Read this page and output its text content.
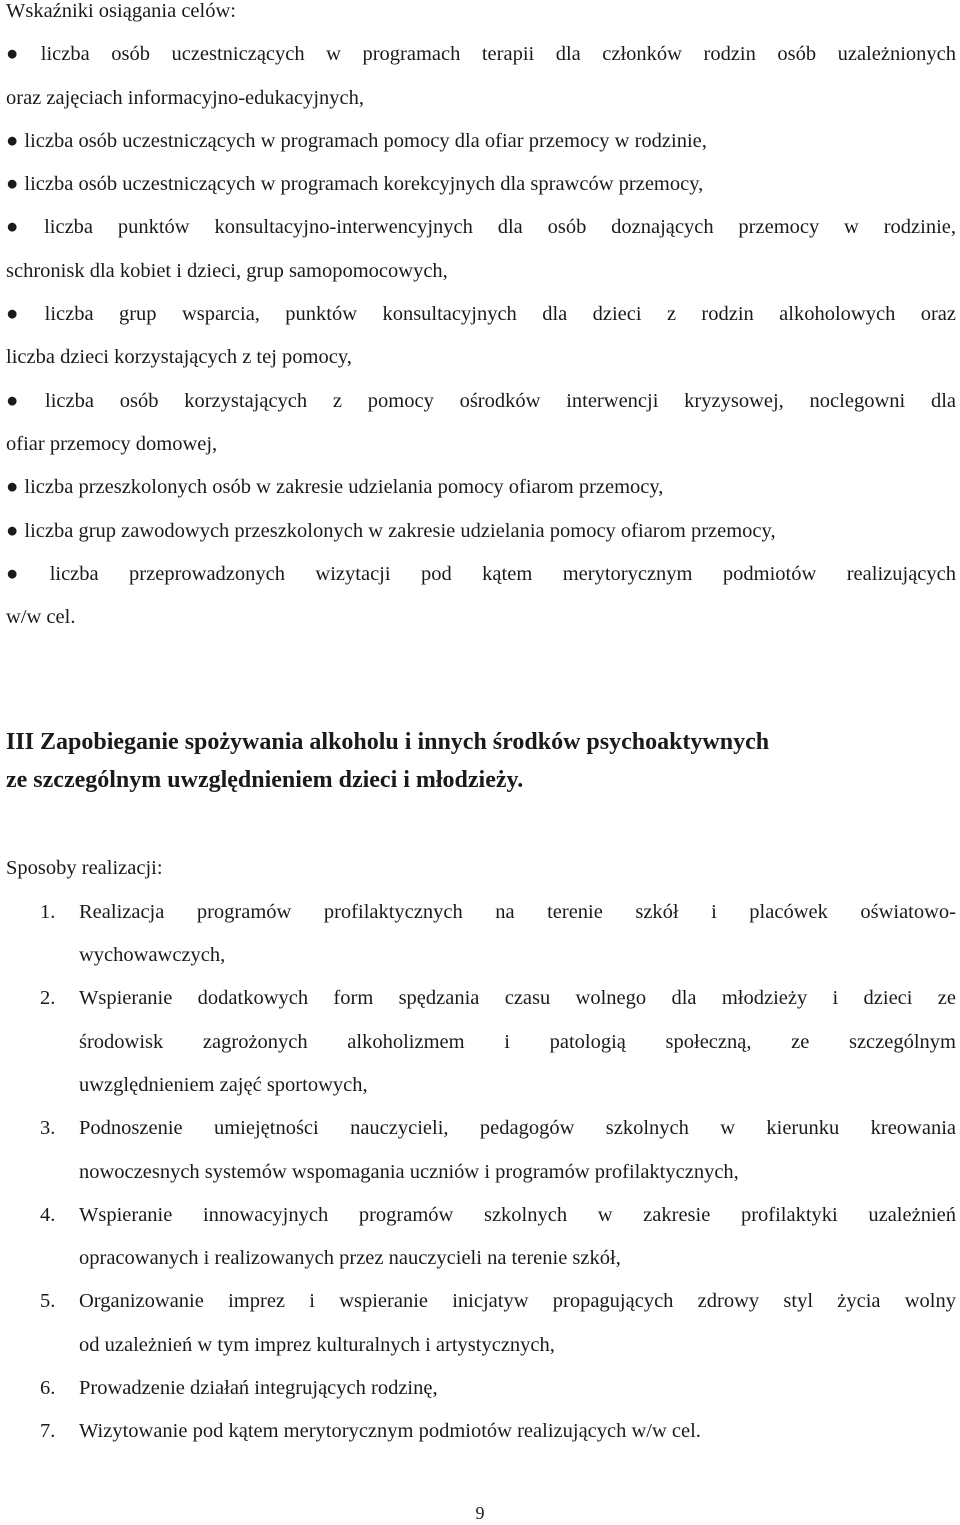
Wskaźniki osiągania celów:
● liczba osób uczestniczących w programach terapii dla członków rodzin osób uzależnionych
oraz zajęciach informacyjno-edukacyjnych,
● liczba osób uczestniczących w programach pomocy dla ofiar przemocy w rodzinie,
● liczba osób uczestniczących w programach korekcyjnych dla sprawców przemocy,
● liczba punktów konsultacyjno-interwencyjnych dla osób doznających przemocy w rodzinie,
schronisk dla kobiet i dzieci, grup samopomocowych,
● liczba grup wsparcia, punktów konsultacyjnych dla dzieci z rodzin alkoholowych oraz
liczba dzieci korzystających z tej pomocy,
● liczba osób korzystających z pomocy ośrodków interwencji kryzysowej, noclegowni dla
ofiar przemocy domowej,
● liczba przeszkolonych osób w zakresie udzielania pomocy ofiarom przemocy,
● liczba grup zawodowych przeszkolonych w zakresie udzielania pomocy ofiarom przemocy,
● liczba przeprowadzonych wizytacji pod kątem merytorycznym podmiotów realizujących
w/w cel.
III Zapobieganie spożywania alkoholu i innych środków psychoaktywnych
ze szczególnym uwzględnieniem dzieci i młodzieży.
Sposoby realizacji:
1. Realizacja programów profilaktycznych na terenie szkół i placówek oświatowo-
wychowawczych,
2. Wspieranie dodatkowych form spędzania czasu wolnego dla młodzieży i dzieci ze
środowisk zagrożonych alkoholizmem i patologią społeczną, ze szczególnym
uwzględnieniem zajęć sportowych,
3. Podnoszenie umiejętności nauczycieli, pedagogów szkolnych w kierunku kreowania
nowoczesnych systemów wspomagania uczniów i programów profilaktycznych,
4. Wspieranie innowacyjnych programów szkolnych w zakresie profilaktyki uzależnień
opracowanych i realizowanych przez nauczycieli na terenie szkół,
5. Organizowanie imprez i wspieranie inicjatyw propagujących zdrowy styl życia wolny
od uzależnień w tym imprez kulturalnych i artystycznych,
6. Prowadzenie działań integrujących rodzinę,
7. Wizytowanie pod kątem merytorycznym podmiotów realizujących w/w cel.
9
